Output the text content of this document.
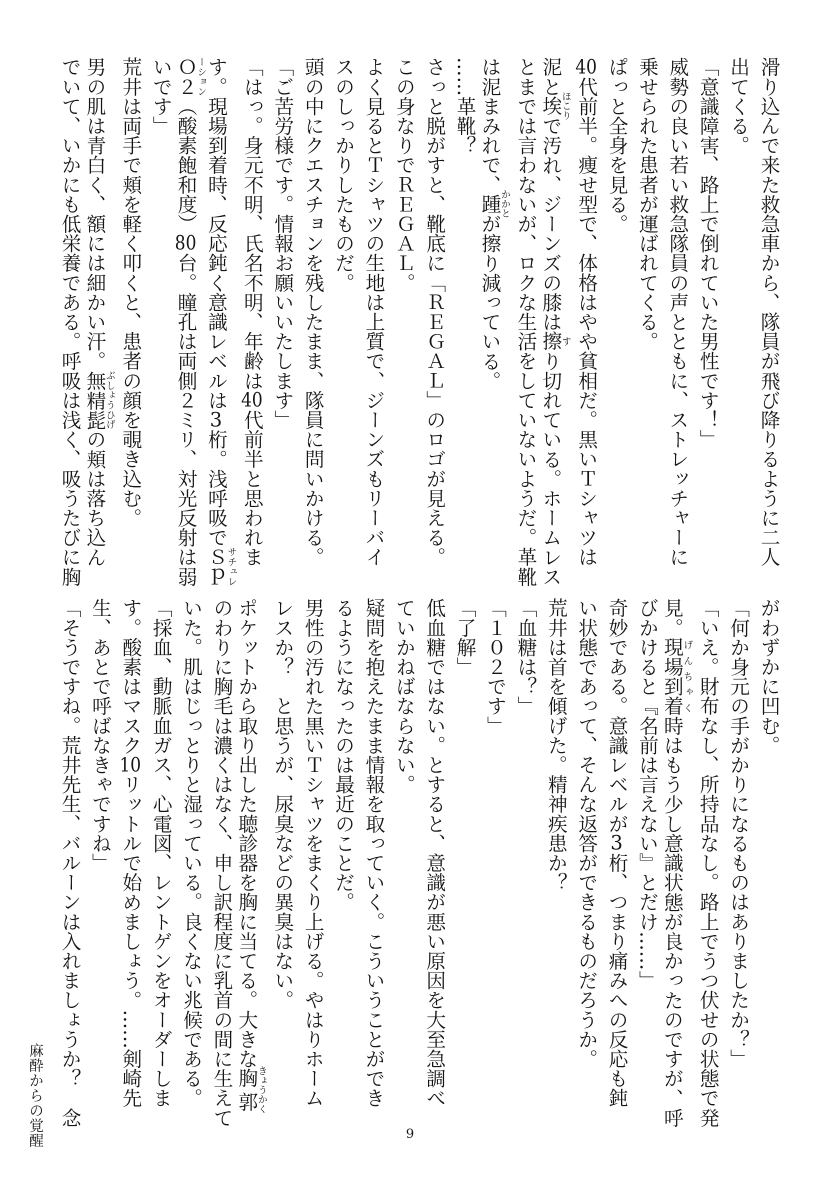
滑り込んで来た救急車から、隊員が飛び降りるように二人
出てくる。
「意識障害、路上で倒れていた男性です！」
威勢の良い若い救急隊員の声とともに、ストレッチャーに
乗せられた患者が運ばれてくる。
ぱっと全身を見る。
40代前半。痩せ型で、体格はやや貧相だ。黒いＴシャツは
泥と埃ほこりで汚れ、ジーンズの膝は擦すり切れている。ホームレス
とまでは言わないが、ロクな生活をしていないようだ。革靴
は泥まみれで、踵かかとが擦り減っている。
……革靴？
さっと脱がすと、靴底に「ＲＥＧＡＬ」のロゴが見える。
この身なりでＲＥＧＡＬ。
よく見るとＴシャツの生地は上質で、ジーンズもリーバイ
スのしっかりしたものだ。
頭の中にクエスチョンを残したまま、隊員に問いかける。
「ご苦労様です。情報お願いいたします」
「はっ。身元不明、氏名不明、年齢は40代前半と思われま
す。現場到着時、反応鈍く意識レベルは3桁。浅呼吸でＳｐサチュレ
Ｏ２ーション（酸素飽和度）80台。瞳孔は両側２ミリ、対光反射は弱
いです」
荒井は両手で頬を軽く叩くと、患者の顔を覗き込む。
男の肌は青白く、額には細かい汗。無精髭ぶしょうひげの頬は落ち込ん
でいて、いかにも低栄養である。呼吸は浅く、吸うたびに胸
がわずかに凹む。
「何か身元の手がかりになるものはありましたか？」
「いえ。財布なし、所持品なし。路上でうつ伏せの状態で発
見。現場到着げんちゃく時はもう少し意識状態が良かったのですが、呼
びかけると『名前は言えない』とだけ……」
奇妙である。意識レベルが3桁、つまり痛みへの反応も鈍
い状態であって、そんな返答ができるものだろうか。
荒井は首を傾げた。精神疾患か？
「血糖は？」
「１０２です」
「了解」
低血糖ではない。とすると、意識が悪い原因を大至急調べ
ていかねばならない。
疑問を抱えたまま情報を取っていく。こういうことができ
るようになったのは最近のことだ。
男性の汚れた黒いＴシャツをまくり上げる。やはりホーム
レスか？　と思うが、尿臭などの異臭はない。
ポケットから取り出した聴診器を胸に当てる。大きな胸郭きょうかく
のわりに胸毛は濃くはなく、申し訳程度に乳首の間に生えて
いた。肌はじっとりと湿っている。良くない兆候である。
「採血、動脈血ガス、心電図、レントゲンをオーダーしま
す。酸素はマスク10リットルで始めましょう。……剣崎先
生、あとで呼ばなきゃですね」
「そうですね。荒井先生、バルーンは入れましょうか？　念
麻酔からの覚醒	9
